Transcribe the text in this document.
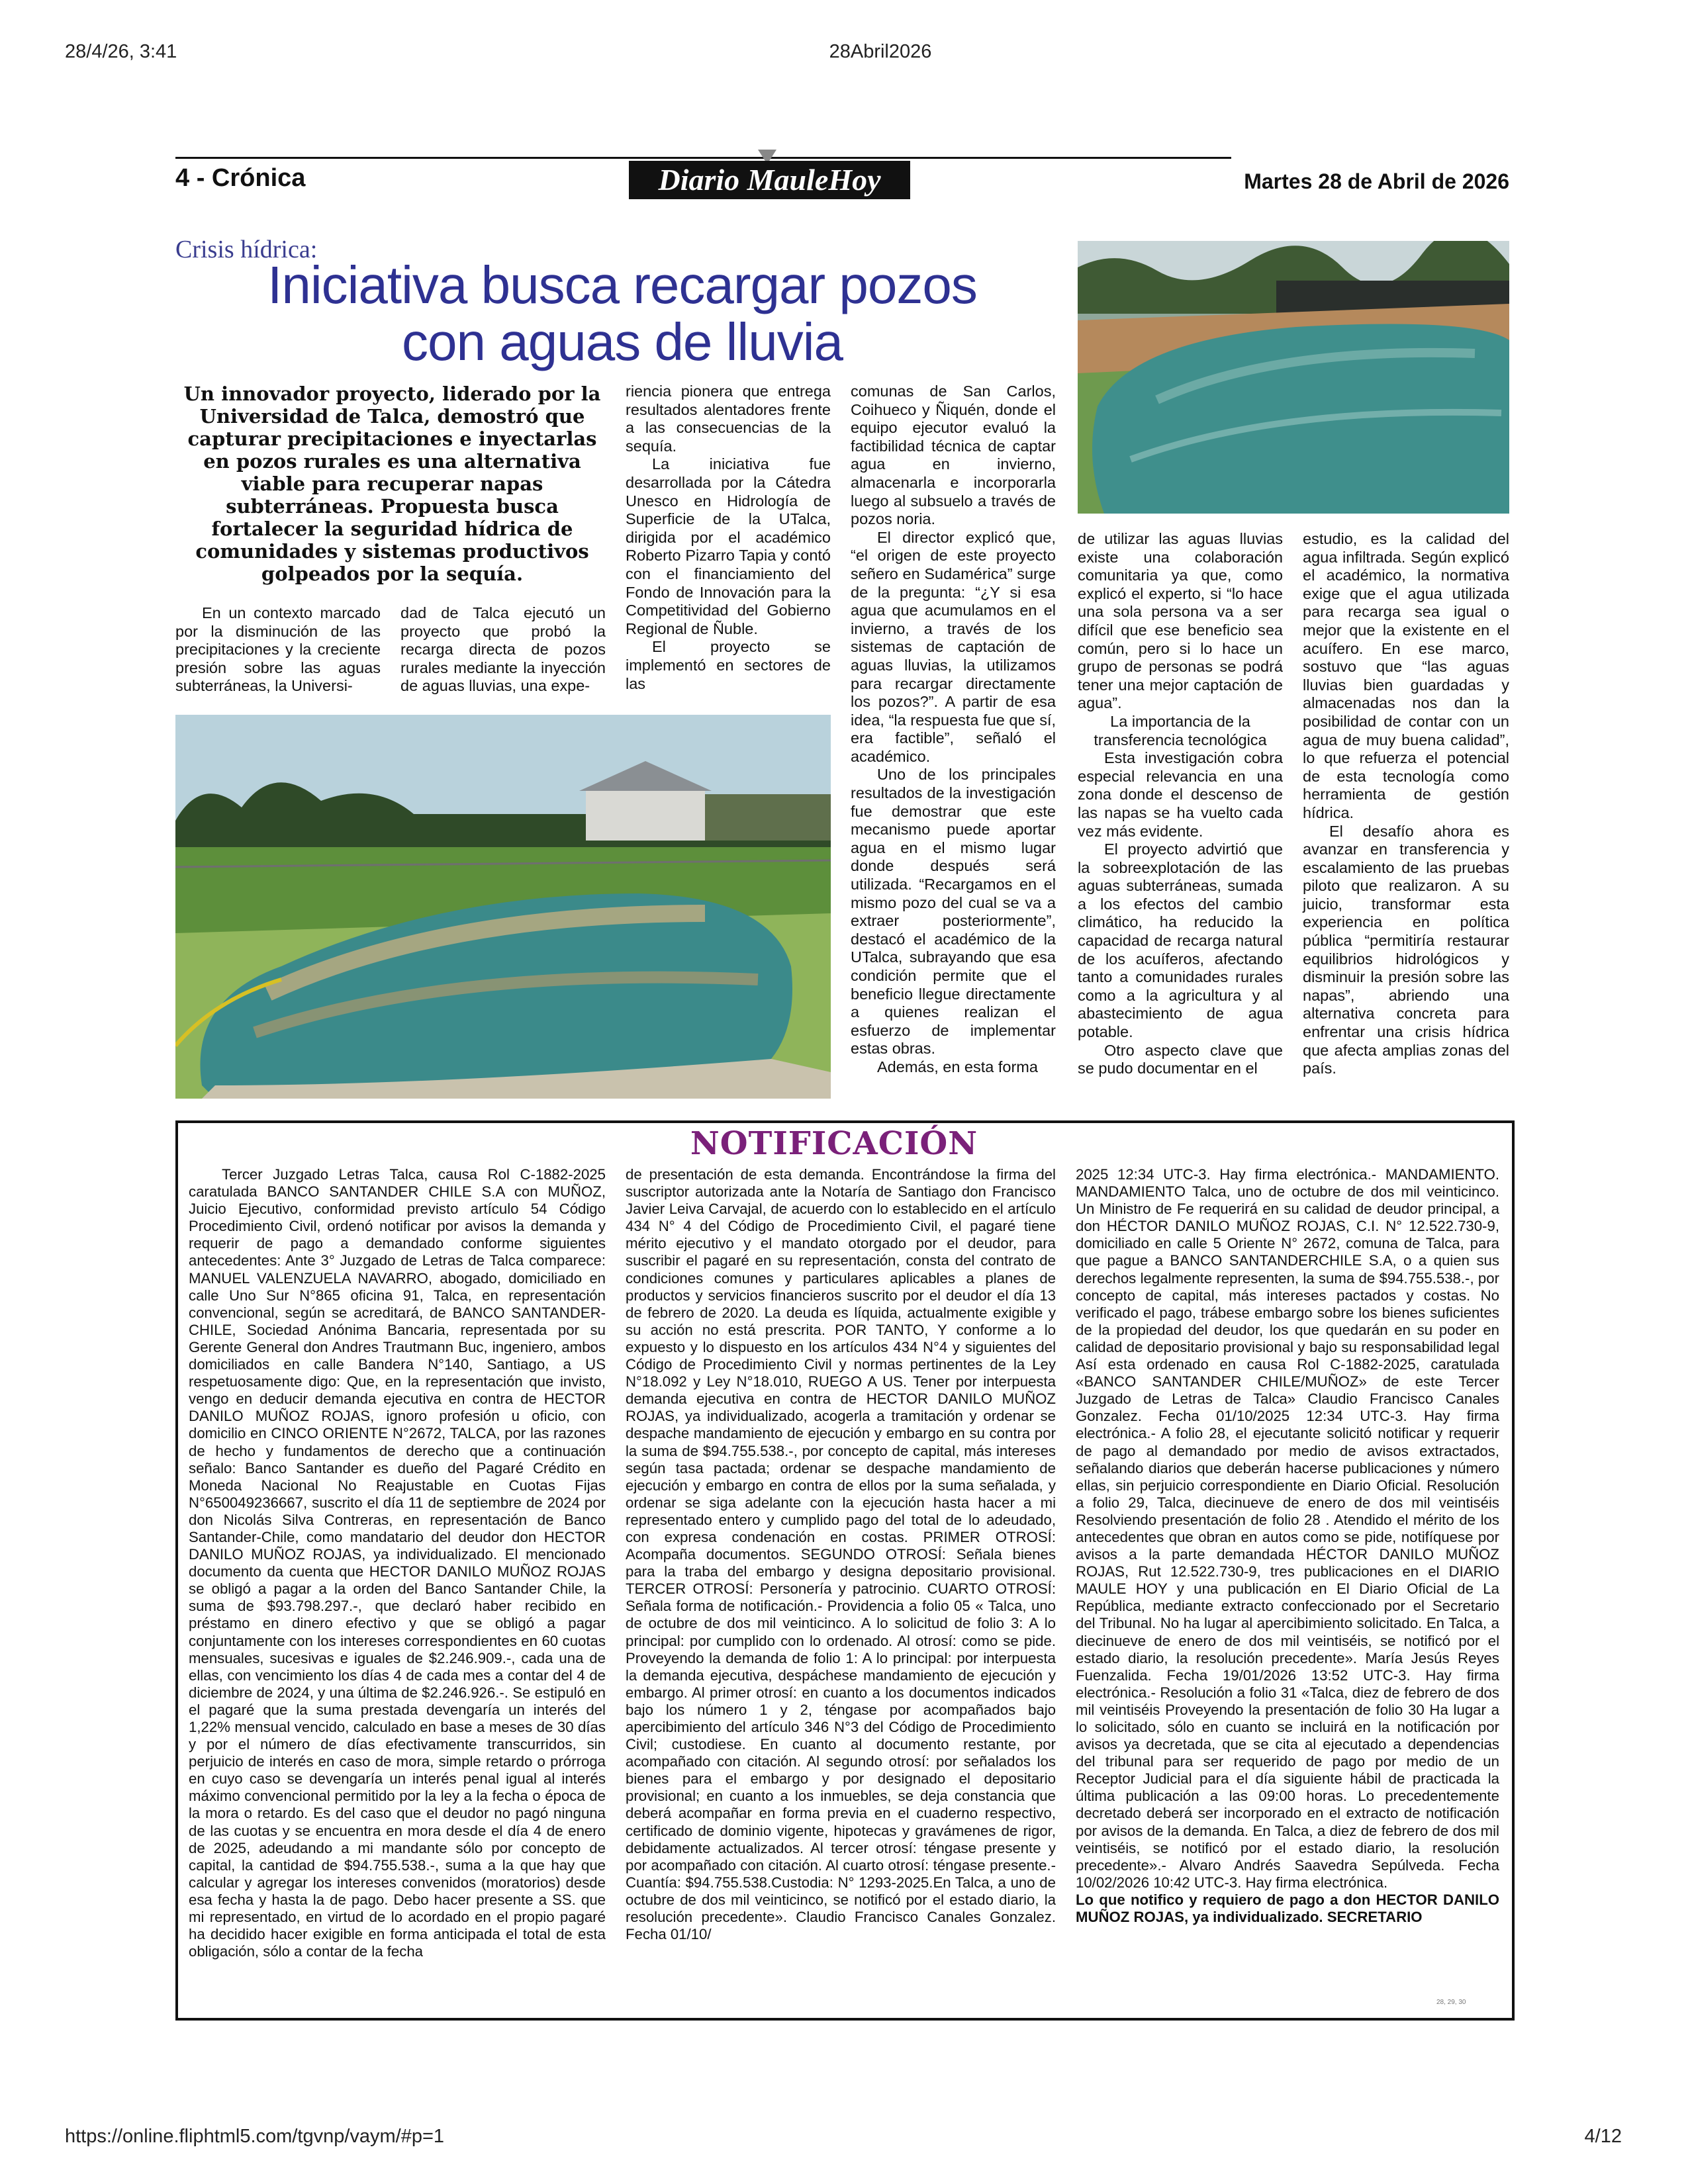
28/4/26, 3:41	28Abril2026
https://online.fliphtml5.com/tgvnp/vaym/#p=1	4/12
4 - Crónica	Diario MauleHoy	Martes 28 de Abril de 2026
Crisis hídrica:
Iniciativa busca recargar pozos
con aguas de lluvia
Un innovador proyecto, liderado por la Universidad de Talca, demostró que capturar precipitaciones e inyectarlas en pozos rurales es una alternativa viable para recuperar napas subterráneas. Propuesta busca fortalecer la seguridad hídrica de comunidades y sistemas productivos golpeados por la sequía.

En un contexto marcado por la disminución de las precipitaciones y la creciente presión sobre las aguas subterráneas, la Universi-

dad de Talca ejecutó un proyecto que probó la recarga directa de pozos rurales mediante la inyección de aguas lluvias, una expe-

riencia pionera que entrega resultados alentadores frente a las consecuencias de la sequía.

La iniciativa fue desarrollada por la Cátedra Unesco en Hidrología de Superficie de la UTalca, dirigida por el académico Roberto Pizarro Tapia y contó con el financiamiento del Fondo de Innovación para la Competitividad del Gobierno Regional de Ñuble.

El proyecto se implementó en sectores de las

comunas de San Carlos, Coihueco y Ñiquén, donde el equipo ejecutor evaluó la factibilidad técnica de captar agua en invierno, almacenarla e incorporarla luego al subsuelo a través de pozos noria.

El director explicó que, “el origen de este proyecto señero en Sudamérica” surge de la pregunta: “¿Y si esa agua que acumulamos en el invierno, a través de los sistemas de captación de aguas lluvias, la utilizamos para recargar directamente los pozos?”. A partir de esa idea, “la respuesta fue que sí, era factible”, señaló el académico.

Uno de los principales resultados de la investigación fue demostrar que este mecanismo puede aportar agua en el mismo lugar donde después será utilizada. “Recargamos en el mismo pozo del cual se va a extraer posteriormente”, destacó el académico de la UTalca, subrayando que esa condición permite que el beneficio llegue directamente a quienes realizan el esfuerzo de implementar estas obras.

Además, en esta forma

de utilizar las aguas lluvias existe una colaboración comunitaria ya que, como explicó el experto, si “lo hace una sola persona va a ser difícil que ese beneficio sea común, pero si lo hace un grupo de personas se podrá tener una mejor captación de agua”.

La importancia de la transferencia tecnológica

Esta investigación cobra especial relevancia en una zona donde el descenso de las napas se ha vuelto cada vez más evidente.

El proyecto advirtió que la sobreexplotación de las aguas subterráneas, sumada a los efectos del cambio climático, ha reducido la capacidad de recarga natural de los acuíferos, afectando tanto a comunidades rurales como a la agricultura y al abastecimiento de agua potable.

Otro aspecto clave que se pudo documentar en el

estudio, es la calidad del agua infiltrada. Según explicó el académico, la normativa exige que el agua utilizada para recarga sea igual o mejor que la existente en el acuífero. En ese marco, sostuvo que “las aguas lluvias bien guardadas y almacenadas nos dan la posibilidad de contar con un agua de muy buena calidad”, lo que refuerza el potencial de esta tecnología como herramienta de gestión hídrica.

El desafío ahora es avanzar en transferencia y escalamiento de las pruebas piloto que realizaron. A su juicio, transformar esta experiencia en política pública “permitiría restaurar equilibrios hidrológicos y disminuir la presión sobre las napas”, abriendo una alternativa concreta para enfrentar una crisis hídrica que afecta amplias zonas del país.

NOTIFICACIÓN

Tercer Juzgado Letras Talca, causa Rol C-1882-2025 caratulada BANCO SANTANDER CHILE S.A con MUÑOZ, Juicio Ejecutivo, conformidad previsto artículo 54 Código Procedimiento Civil, ordenó notificar por avisos la demanda y requerir de pago a demandado conforme siguientes antecedentes: Ante 3° Juzgado de Letras de Talca comparece: MANUEL VALENZUELA NAVARRO, abogado, domiciliado en calle Uno Sur N°865 oficina 91, Talca, en representación convencional, según se acreditará, de BANCO SANTANDER-CHILE, Sociedad Anónima Bancaria, representada por su Gerente General don Andres Trautmann Buc, ingeniero, ambos domiciliados en calle Bandera N°140, Santiago, a US respetuosamente digo: Que, en la representación que invisto, vengo en deducir demanda ejecutiva en contra de HECTOR DANILO MUÑOZ ROJAS, ignoro profesión u oficio, con domicilio en CINCO ORIENTE N°2672, TALCA, por las razones de hecho y fundamentos de derecho que a continuación señalo: Banco Santander es dueño del Pagaré Crédito en Moneda Nacional No Reajustable en Cuotas Fijas N°650049236667, suscrito el día 11 de septiembre de 2024 por don Nicolás Silva Contreras, en representación de Banco Santander-Chile, como mandatario del deudor don HECTOR DANILO MUÑOZ ROJAS, ya individualizado. El mencionado documento da cuenta que HECTOR DANILO MUÑOZ ROJAS se obligó a pagar a la orden del Banco Santander Chile, la suma de $93.798.297.-, que declaró haber recibido en préstamo en dinero efectivo y que se obligó a pagar conjuntamente con los intereses correspondientes en 60 cuotas mensuales, sucesivas e iguales de $2.246.909.-, cada una de ellas, con vencimiento los días 4 de cada mes a contar del 4 de diciembre de 2024, y una última de $2.246.926.-. Se estipuló en el pagaré que la suma prestada devengaría un interés del 1,22% mensual vencido, calculado en base a meses de 30 días y por el número de días efectivamente transcurridos, sin perjuicio de interés en caso de mora, simple retardo o prórroga en cuyo caso se devengaría un interés penal igual al interés máximo convencional permitido por la ley a la fecha o época de la mora o retardo. Es del caso que el deudor no pagó ninguna de las cuotas y se encuentra en mora desde el día 4 de enero de 2025, adeudando a mi mandante sólo por concepto de capital, la cantidad de $94.755.538.-, suma a la que hay que calcular y agregar los intereses convenidos (moratorios) desde esa fecha y hasta la de pago. Debo hacer presente a SS. que mi representado, en virtud de lo acordado en el propio pagaré ha decidido hacer exigible en forma anticipada el total de esta obligación, sólo a contar de la fecha

de presentación de esta demanda. Encontrándose la firma del suscriptor autorizada ante la Notaría de Santiago don Francisco Javier Leiva Carvajal, de acuerdo con lo establecido en el artículo 434 N° 4 del Código de Procedimiento Civil, el pagaré tiene mérito ejecutivo y el mandato otorgado por el deudor, para suscribir el pagaré en su representación, consta del contrato de condiciones comunes y particulares aplicables a planes de productos y servicios financieros suscrito por el deudor el día 13 de febrero de 2020. La deuda es líquida, actualmente exigible y su acción no está prescrita. POR TANTO, Y conforme a lo expuesto y lo dispuesto en los artículos 434 N°4 y siguientes del Código de Procedimiento Civil y normas pertinentes de la Ley N°18.092 y Ley N°18.010, RUEGO A US. Tener por interpuesta demanda ejecutiva en contra de HECTOR DANILO MUÑOZ ROJAS, ya individualizado, acogerla a tramitación y ordenar se despache mandamiento de ejecución y embargo en su contra por la suma de $94.755.538.-, por concepto de capital, más intereses según tasa pactada; ordenar se despache mandamiento de ejecución y embargo en contra de ellos por la suma señalada, y ordenar se siga adelante con la ejecución hasta hacer a mi representado entero y cumplido pago del total de lo adeudado, con expresa condenación en costas. PRIMER OTROSÍ: Acompaña documentos. SEGUNDO OTROSÍ: Señala bienes para la traba del embargo y designa depositario provisional. TERCER OTROSÍ: Personería y patrocinio. CUARTO OTROSÍ: Señala forma de notificación.- Providencia a folio 05 « Talca, uno de octubre de dos mil veinticinco. A lo solicitud de folio 3: A lo principal: por cumplido con lo ordenado. Al otrosí: como se pide. Proveyendo la demanda de folio 1: A lo principal: por interpuesta la demanda ejecutiva, despáchese mandamiento de ejecución y embargo. Al primer otrosí: en cuanto a los documentos indicados bajo los número 1 y 2, téngase por acompañados bajo apercibimiento del artículo 346 N°3 del Código de Procedimiento Civil; custodiese. En cuanto al documento restante, por acompañado con citación. Al segundo otrosí: por señalados los bienes para el embargo y por designado el depositario provisional; en cuanto a los inmuebles, se deja constancia que deberá acompañar en forma previa en el cuaderno respectivo, certificado de dominio vigente, hipotecas y gravámenes de rigor, debidamente actualizados. Al tercer otrosí: téngase presente y por acompañado con citación. Al cuarto otrosí: téngase presente.- Cuantía: $94.755.538.Custodia: N° 1293-2025.En Talca, a uno de octubre de dos mil veinticinco, se notificó por el estado diario, la resolución precedente». Claudio Francisco Canales Gonzalez. Fecha 01/10/

2025 12:34 UTC-3. Hay firma electrónica.- MANDAMIENTO. MANDAMIENTO Talca, uno de octubre de dos mil veinticinco. Un Ministro de Fe requerirá en su calidad de deudor principal, a don HÉCTOR DANILO MUÑOZ ROJAS, C.I. N° 12.522.730-9, domiciliado en calle 5 Oriente N° 2672, comuna de Talca, para que pague a BANCO SANTANDERCHILE S.A, o a quien sus derechos legalmente representen, la suma de $94.755.538.-, por concepto de capital, más intereses pactados y costas. No verificado el pago, trábese embargo sobre los bienes suficientes de la propiedad del deudor, los que quedarán en su poder en calidad de depositario provisional y bajo su responsabilidad legal Así esta ordenado en causa Rol C-1882-2025, caratulada «BANCO SANTANDER CHILE/MUÑOZ» de este Tercer Juzgado de Letras de Talca» Claudio Francisco Canales Gonzalez. Fecha 01/10/2025 12:34 UTC-3. Hay firma electrónica.- A folio 28, el ejecutante solicitó notificar y requerir de pago al demandado por medio de avisos extractados, señalando diarios que deberán hacerse publicaciones y número ellas, sin perjuicio correspondiente en Diario Oficial. Resolución a folio 29, Talca, diecinueve de enero de dos mil veintiséis Resolviendo presentación de folio 28 . Atendido el mérito de los antecedentes que obran en autos como se pide, notifíquese por avisos a la parte demandada HÉCTOR DANILO MUÑOZ ROJAS, Rut 12.522.730-9, tres publicaciones en el DIARIO MAULE HOY y una publicación en El Diario Oficial de La República, mediante extracto confeccionado por el Secretario del Tribunal. No ha lugar al apercibimiento solicitado. En Talca, a diecinueve de enero de dos mil veintiséis, se notificó por el estado diario, la resolución precedente». María Jesús Reyes Fuenzalida. Fecha 19/01/2026 13:52 UTC-3. Hay firma electrónica.- Resolución a folio 31 «Talca, diez de febrero de dos mil veintiséis Proveyendo la presentación de folio 30 Ha lugar a lo solicitado, sólo en cuanto se incluirá en la notificación por avisos ya decretada, que se cita al ejecutado a dependencias del tribunal para ser requerido de pago por medio de un Receptor Judicial para el día siguiente hábil de practicada la última publicación a las 09:00 horas. Lo precedentemente decretado deberá ser incorporado en el extracto de notificación por avisos de la demanda. En Talca, a diez de febrero de dos mil veintiséis, se notificó por el estado diario, la resolución precedente».- Alvaro Andrés Saavedra Sepúlveda. Fecha 10/02/2026 10:42 UTC-3. Hay firma electrónica.

Lo que notifico y requiero de pago a don HECTOR DANILO MUÑOZ ROJAS, ya individualizado. SECRETARIO

28, 29, 30
